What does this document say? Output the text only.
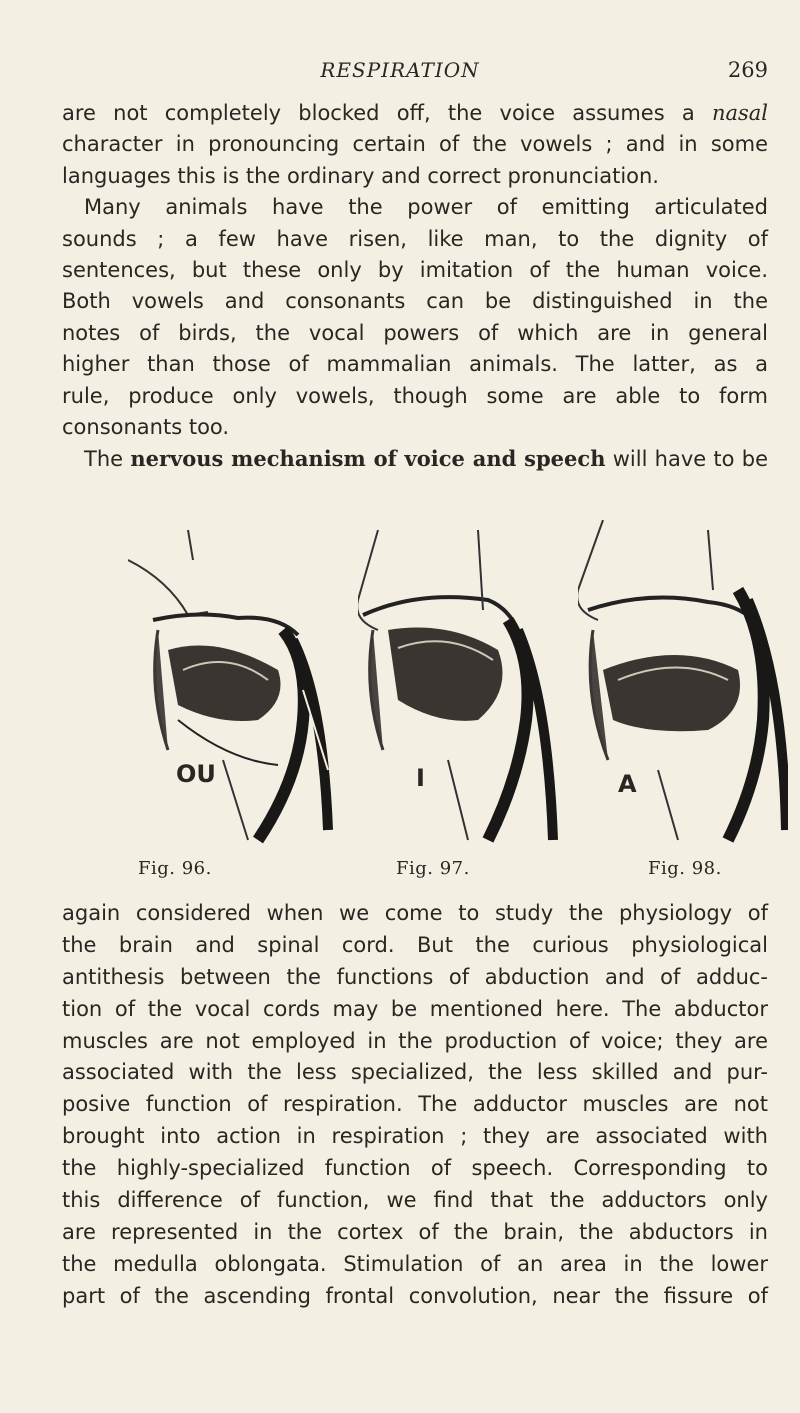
RESPIRATION	269
are not completely blocked off, the voice assumes a nasal
character in pronouncing certain of the vowels ; and in some
languages this is the ordinary and correct pronunciation.
Many animals have the power of emitting articulated
sounds ; a few have risen, like man, to the dignity of
sentences, but these only by imitation of the human voice.
Both vowels and consonants can be distinguished in the
notes of birds, the vocal powers of which are in general
higher than those of mammalian animals. The latter, as a
rule, produce only vowels, though some are able to form
consonants too.
The nervous mechanism of voice and speech will have to be
OU
Fig. 96.
I
Fig. 97.
A
Fig. 98.
again considered when we come to study the physiology of
the brain and spinal cord. But the curious physiological
antithesis between the functions of abduction and of adduc-
tion of the vocal cords may be mentioned here. The abductor
muscles are not employed in the production of voice; they are
associated with the less specialized, the less skilled and pur-
posive function of respiration. The adductor muscles are not
brought into action in respiration ; they are associated with
the highly-specialized function of speech. Corresponding to
this difference of function, we find that the adductors only
are represented in the cortex of the brain, the abductors in
the medulla oblongata. Stimulation of an area in the lower
part of the ascending frontal convolution, near the fissure of
